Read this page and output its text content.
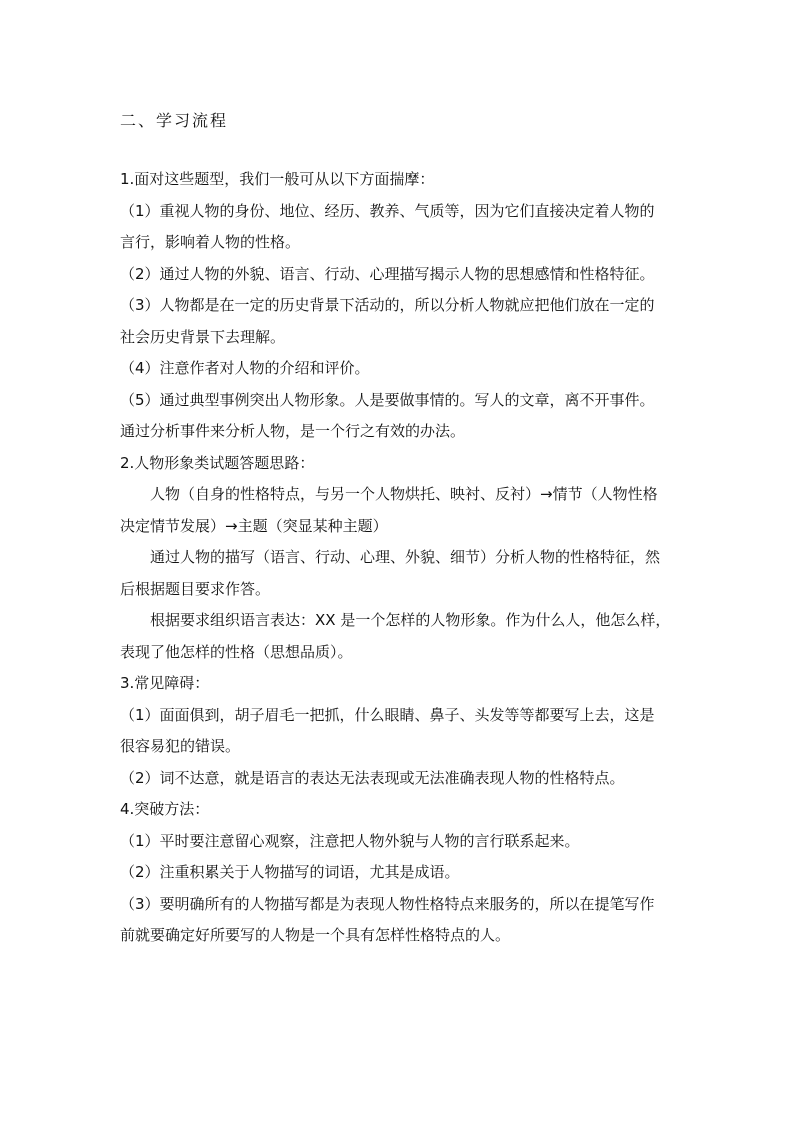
二、学习流程
1.面对这些题型，我们一般可从以下方面揣摩：
（1）重视人物的身份、地位、经历、教养、气质等，因为它们直接决定着人物的
言行，影响着人物的性格。
（2）通过人物的外貌、语言、行动、心理描写揭示人物的思想感情和性格特征。
（3）人物都是在一定的历史背景下活动的，所以分析人物就应把他们放在一定的
社会历史背景下去理解。
（4）注意作者对人物的介绍和评价。
（5）通过典型事例突出人物形象。人是要做事情的。写人的文章，离不开事件。
通过分析事件来分析人物，是一个行之有效的办法。
2.人物形象类试题答题思路：
人物（自身的性格特点，与另一个人物烘托、映衬、反衬）→情节（人物性格
决定情节发展）→主题（突显某种主题）
通过人物的描写（语言、行动、心理、外貌、细节）分析人物的性格特征，然
后根据题目要求作答。
根据要求组织语言表达：XX 是一个怎样的人物形象。作为什么人，他怎么样，
表现了他怎样的性格（思想品质）。
3.常见障碍：
（1）面面俱到，胡子眉毛一把抓，什么眼睛、鼻子、头发等等都要写上去，这是
很容易犯的错误。
（2）词不达意，就是语言的表达无法表现或无法准确表现人物的性格特点。
4.突破方法：
（1）平时要注意留心观察，注意把人物外貌与人物的言行联系起来。
（2）注重积累关于人物描写的词语，尤其是成语。
（3）要明确所有的人物描写都是为表现人物性格特点来服务的，所以在提笔写作
前就要确定好所要写的人物是一个具有怎样性格特点的人。
